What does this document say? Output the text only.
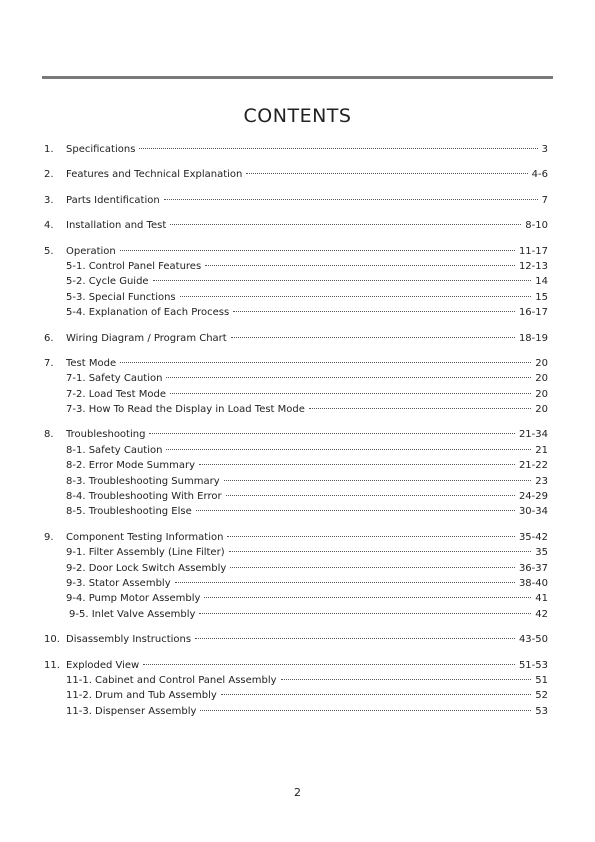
CONTENTS
1.	Specifications	3
2.	Features and Technical Explanation	4-6
3.	Parts Identification	7
4.	Installation and Test	8-10
5.	Operation	11-17
5-1. Control Panel Features	12-13
5-2. Cycle Guide	14
5-3. Special Functions	15
5-4. Explanation of Each Process	16-17
6.	Wiring Diagram / Program Chart	18-19
7.	Test Mode	20
7-1. Safety Caution	20
7-2. Load Test Mode	20
7-3. How To Read the Display in Load Test Mode	20
8.	Troubleshooting	21-34
8-1. Safety Caution	21
8-2. Error Mode Summary	21-22
8-3. Troubleshooting Summary	23
8-4. Troubleshooting With Error	24-29
8-5. Troubleshooting Else	30-34
9.	Component Testing Information	35-42
9-1. Filter Assembly (Line Filter)	35
9-2. Door Lock Switch Assembly	36-37
9-3. Stator Assembly	38-40
9-4. Pump Motor Assembly	41
9-5. Inlet Valve Assembly	42
10. Disassembly Instructions	43-50
11. Exploded View	51-53
11-1. Cabinet and Control Panel Assembly	51
11-2. Drum and Tub Assembly	52
11-3. Dispenser Assembly	53
2
